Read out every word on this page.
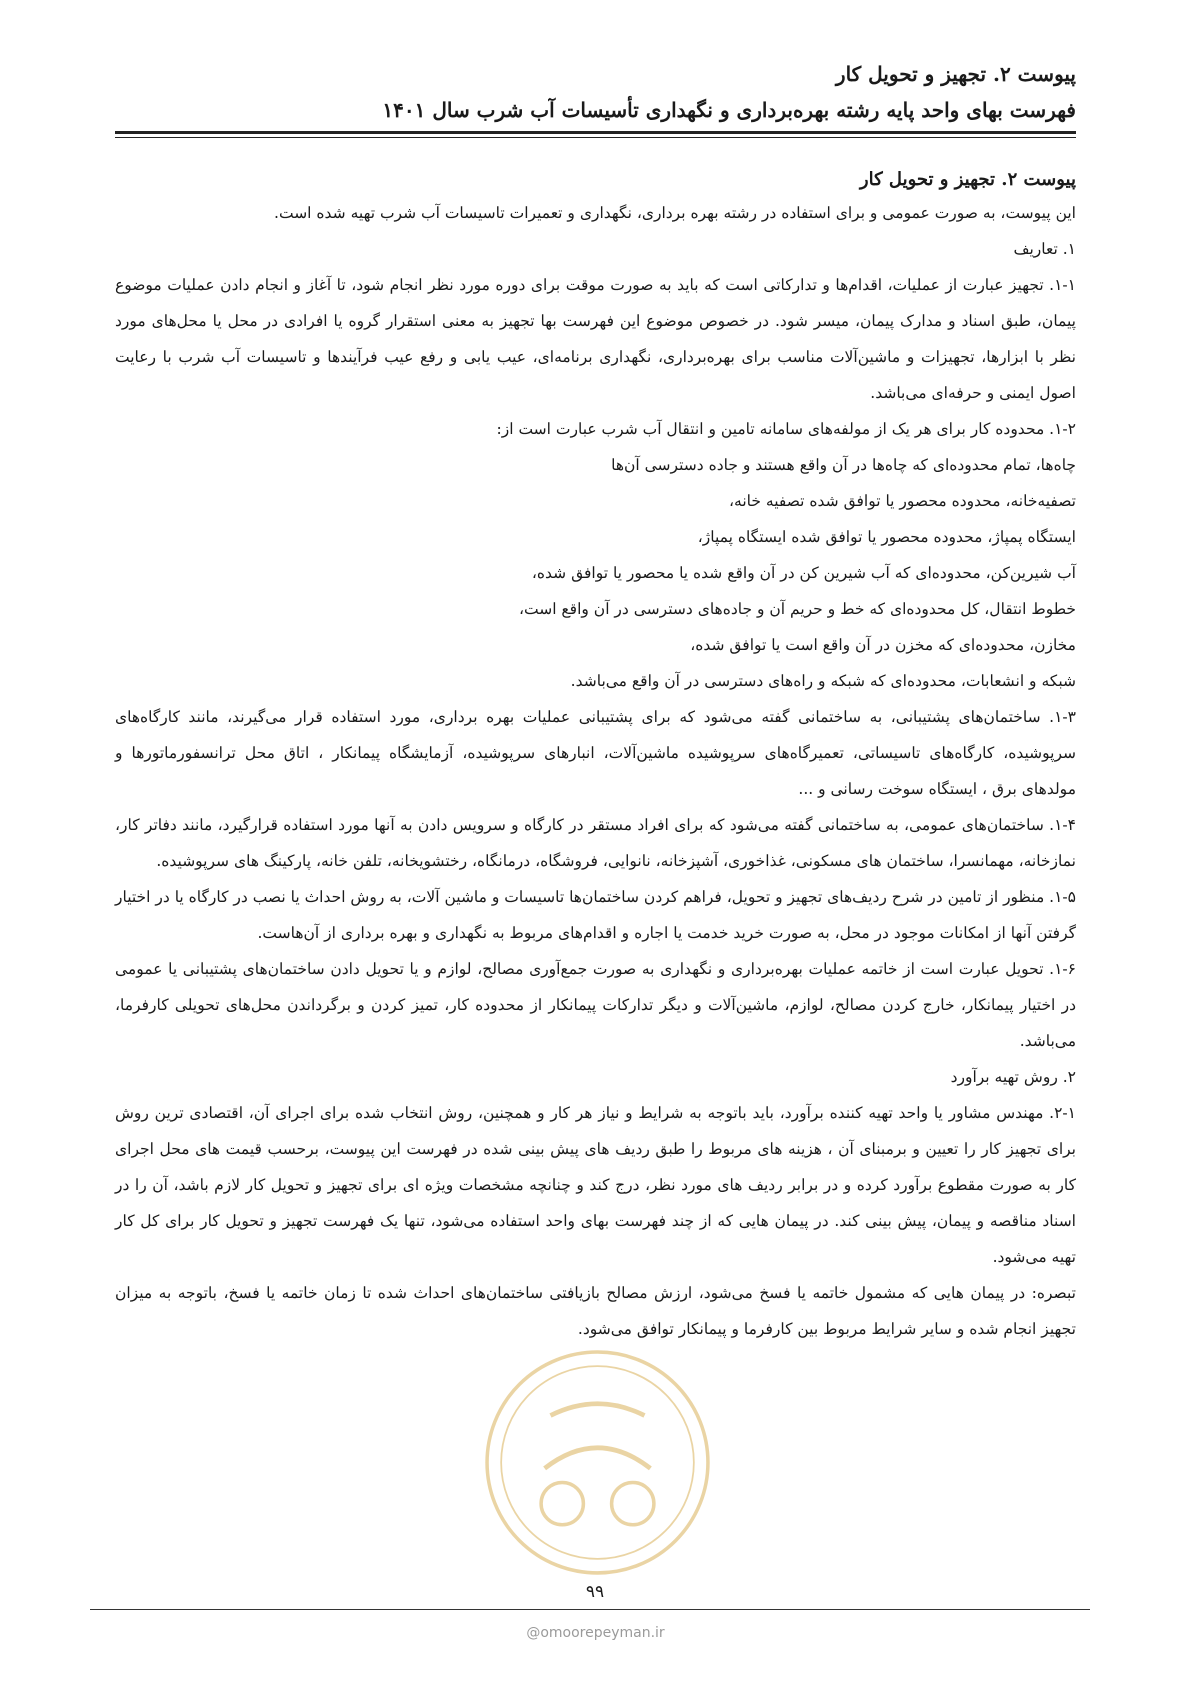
پیوست ۲. تجهیز و تحویل کار
فهرست بهای واحد پایه رشته بهره‌برداری و نگهداری تأسیسات آب شرب سال ۱۴۰۱
پیوست ۲. تجهیز و تحویل کار

این پیوست، به صورت عمومی و برای استفاده در رشته بهره برداری، نگهداری و تعمیرات تاسیسات آب شرب تهیه شده است.

۱. تعاریف

۱-۱. تجهیز عبارت از عملیات، اقدام‌ها و تدارکاتی است که باید به صورت موقت برای دوره مورد نظر انجام شود، تا آغاز و انجام دادن عملیات موضوع پیمان، طبق اسناد و مدارک پیمان، میسر شود. در خصوص موضوع این فهرست بها تجهیز به معنی استقرار گروه یا افرادی در محل یا محل‌های مورد نظر با ابزارها، تجهیزات و ماشین‌آلات مناسب برای بهره‌برداری، نگهداری برنامه‌ای، عیب یابی و رفع عیب فرآیندها و تاسیسات آب شرب با رعایت اصول ایمنی و حرفه‌ای می‌باشد.

۱-۲. محدوده کار برای هر یک از مولفه‌های سامانه تامین و انتقال آب شرب عبارت است از:

چاه‌ها، تمام محدوده‌ای که چاه‌ها در آن واقع هستند و جاده دسترسی آن‌ها

تصفیه‌خانه، محدوده محصور یا توافق شده تصفیه خانه،

ایستگاه پمپاژ، محدوده محصور یا توافق شده ایستگاه پمپاژ،

آب شیرین‌کن، محدوده‌ای که آب شیرین کن در آن واقع شده یا محصور یا توافق شده،

خطوط انتقال، کل محدوده‌ای که خط و حریم آن و جاده‌های دسترسی در آن واقع است،

مخازن، محدوده‌ای که مخزن در آن واقع است یا توافق شده،

شبکه و انشعابات، محدوده‌ای که شبکه و راه‌های دسترسی در آن واقع می‌باشد.

۱-۳. ساختمان‌های پشتیبانی، به ساختمانی گفته می‌شود که برای پشتیبانی عملیات بهره برداری، مورد استفاده قرار می‌گیرند، مانند کارگاه‌های سرپوشیده، کارگاه‌های تاسیساتی، تعمیرگاه‌های سرپوشیده ماشین‌آلات، انبارهای سرپوشیده، آزمایشگاه پیمانکار ، اتاق محل ترانسفورماتورها و مولدهای برق ، ایستگاه سوخت رسانی و ...

۱-۴. ساختمان‌های عمومی، به ساختمانی گفته می‌شود که برای افراد مستقر در کارگاه و سرویس دادن به آنها مورد استفاده قرارگیرد، مانند دفاتر کار، نمازخانه، مهمانسرا، ساختمان های مسکونی، غذاخوری، آشپزخانه، نانوایی، فروشگاه، درمانگاه، رختشویخانه، تلفن خانه، پارکینگ های سرپوشیده.

۱-۵. منظور از تامین در شرح ردیف‌های تجهیز و تحویل، فراهم کردن ساختمان‌ها تاسیسات و ماشین آلات، به روش احداث یا نصب در کارگاه یا در اختیار گرفتن آنها از امکانات موجود در محل، به صورت خرید خدمت یا اجاره و اقدام‌های مربوط به نگهداری و بهره برداری از آن‌هاست.

۱-۶. تحویل عبارت است از خاتمه عملیات بهره‌برداری و نگهداری به صورت جمع‌آوری مصالح، لوازم و یا تحویل دادن ساختمان‌های پشتیبانی یا عمومی در اختیار پیمانکار، خارج کردن مصالح، لوازم، ماشین‌آلات و دیگر تدارکات پیمانکار از محدوده کار، تمیز کردن و برگرداندن محل‌های تحویلی کارفرما، می‌باشد.

۲. روش تهیه برآورد

۲-۱. مهندس مشاور یا واحد تهیه کننده برآورد، باید باتوجه به شرایط و نیاز هر کار و همچنین، روش انتخاب شده برای اجرای آن، اقتصادی ترین روش برای تجهیز کار را تعیین و برمبنای آن ، هزینه های مربوط را طبق ردیف های پیش بینی شده در فهرست این پیوست، برحسب قیمت های محل اجرای کار به صورت مقطوع برآورد کرده و در برابر ردیف های مورد نظر، درج کند و چنانچه مشخصات ویژه ای برای تجهیز و تحویل کار لازم باشد، آن را در اسناد مناقصه و پیمان، پیش بینی کند. در پیمان هایی که از چند فهرست بهای واحد استفاده می‌شود، تنها یک فهرست تجهیز و تحویل کار برای کل کار تهیه می‌شود.

تبصره: در پیمان هایی که مشمول خاتمه یا فسخ می‌شود، ارزش مصالح بازیافتی ساختمان‌های احداث شده تا زمان خاتمه یا فسخ، باتوجه به میزان تجهیز انجام شده و سایر شرایط مربوط بین کارفرما و پیمانکار توافق می‌شود.

۹۹
@omoorepeyman.ir
